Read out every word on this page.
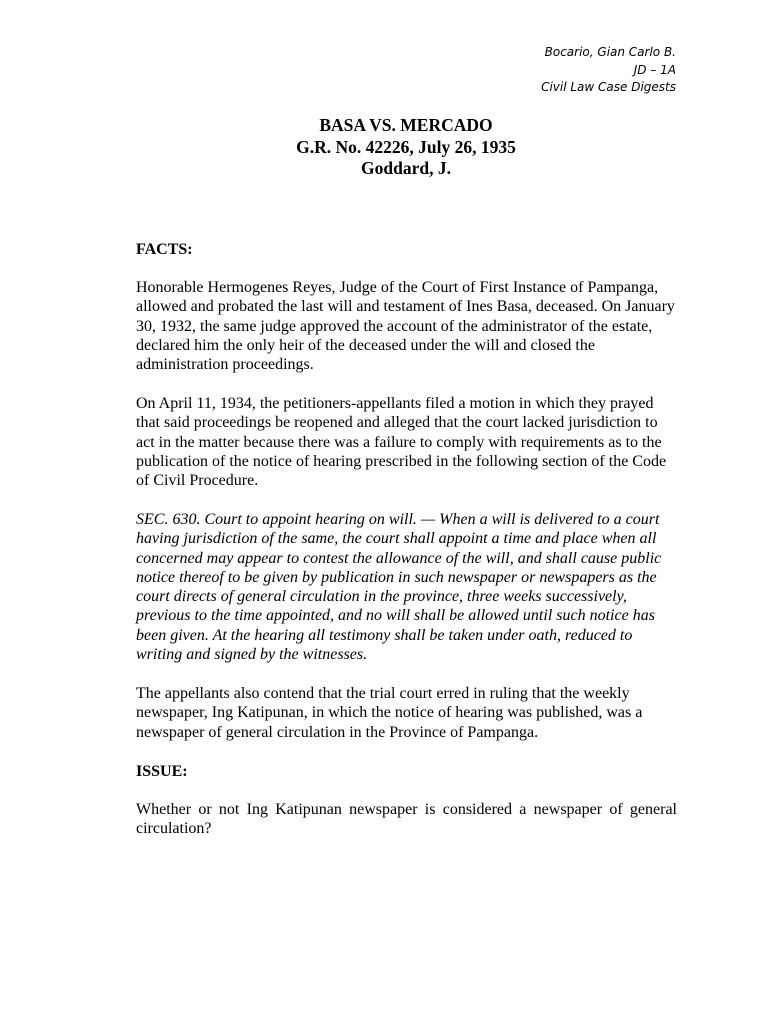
Bocario, Gian Carlo B.
JD – 1A
Civil Law Case Digests
BASA VS. MERCADO
G.R. No. 42226, July 26, 1935
Goddard, J.
FACTS:
Honorable Hermogenes Reyes, Judge of the Court of First Instance of Pampanga, allowed and probated the last will and testament of Ines Basa, deceased. On January 30, 1932, the same judge approved the account of the administrator of the estate, declared him the only heir of the deceased under the will and closed the administration proceedings.
On April 11, 1934, the petitioners-appellants filed a motion in which they prayed that said proceedings be reopened and alleged that the court lacked jurisdiction to act in the matter because there was a failure to comply with requirements as to the publication of the notice of hearing prescribed in the following section of the Code of Civil Procedure.
SEC. 630. Court to appoint hearing on will. — When a will is delivered to a court having jurisdiction of the same, the court shall appoint a time and place when all concerned may appear to contest the allowance of the will, and shall cause public notice thereof to be given by publication in such newspaper or newspapers as the court directs of general circulation in the province, three weeks successively, previous to the time appointed, and no will shall be allowed until such notice has been given. At the hearing all testimony shall be taken under oath, reduced to writing and signed by the witnesses.
The appellants also contend that the trial court erred in ruling that the weekly newspaper, Ing Katipunan, in which the notice of hearing was published, was a newspaper of general circulation in the Province of Pampanga.
ISSUE:
Whether or not Ing Katipunan newspaper is considered a newspaper of general circulation?
